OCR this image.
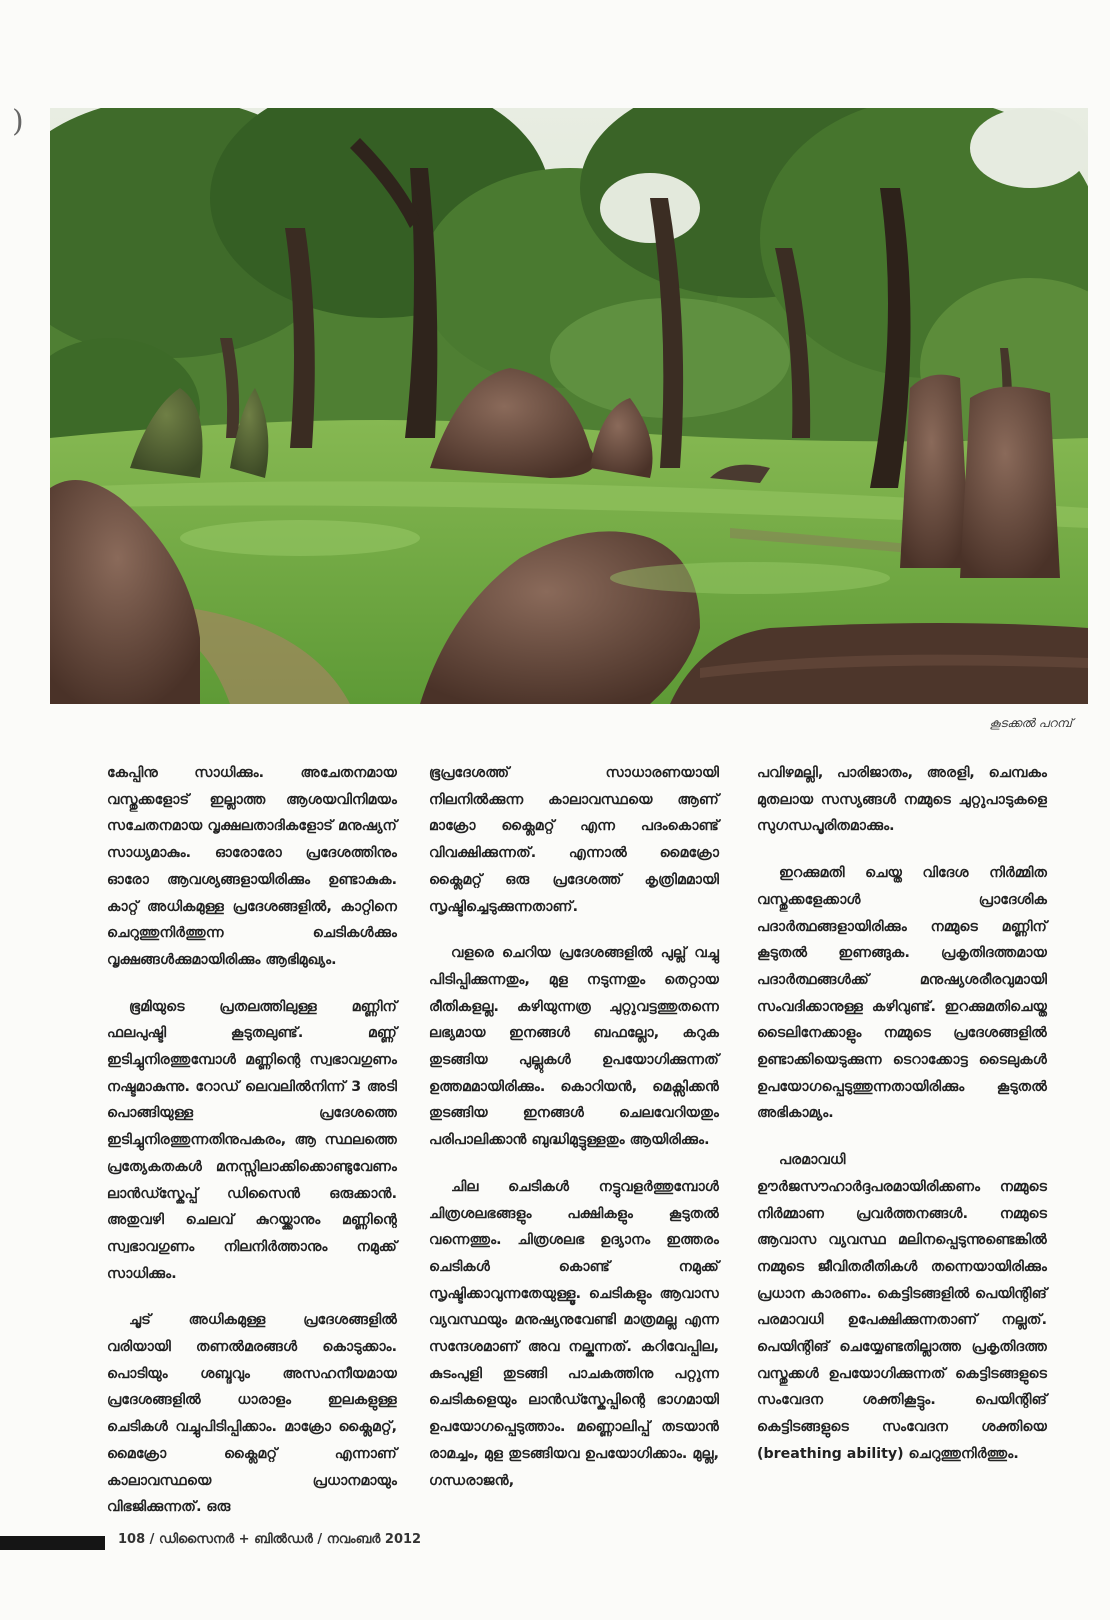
)
കൂടക്കൽ പറമ്പ്

കേപ്പിനു സാധിക്കും. അചേതനമായ വസ്തുക്കളോട് ഇല്ലാത്ത ആശയവിനിമയം സചേതനമായ വൃക്ഷലതാദികളോട് മനുഷ്യന് സാധ്യമാകും. ഓരോരോ പ്രദേശത്തിനും ഓരോ ആവശ്യങ്ങളായിരിക്കും ഉണ്ടാകുക. കാറ്റ് അധികമുള്ള പ്രദേശങ്ങളിൽ, കാറ്റിനെ ചെറുത്തുനിർത്തുന്ന ചെടികൾക്കും വൃക്ഷങ്ങൾക്കുമായിരിക്കും ആഭിമുഖ്യം.

ഭൂമിയുടെ പ്രതലത്തിലുള്ള മണ്ണിന് ഫലപുഷ്ടി കൂടുതലുണ്ട്. മണ്ണ് ഇടിച്ചുനിരത്തുമ്പോൾ മണ്ണിന്റെ സ്വഭാവഗുണം നഷ്ടമാകുന്നു. റോഡ് ലെവലിൽനിന്ന് 3 അടി പൊങ്ങിയുള്ള പ്രദേശത്തെ ഇടിച്ചുനിരത്തുന്നതിനുപകരം, ആ സ്ഥലത്തെ പ്രത്യേകതകൾ മനസ്സിലാക്കിക്കൊണ്ടുവേണം ലാൻഡ്സ്കേപ്പ് ഡിസൈൻ ഒരുക്കാൻ. അതുവഴി ചെലവ് കുറയ്ക്കാനും മണ്ണിന്റെ സ്വഭാവഗുണം നിലനിർത്താനും നമുക്ക് സാധിക്കും.

ചൂട് അധികമുള്ള പ്രദേശങ്ങളിൽ വരിയായി തണൽമരങ്ങൾ കൊടുക്കാം. പൊടിയും ശബ്ദവും അസഹനീയമായ പ്രദേശങ്ങളിൽ ധാരാളം ഇലകളുള്ള ചെടികൾ വച്ചുപിടിപ്പിക്കാം. മാക്രോ ക്ലൈമറ്റ്, മൈക്രോ ക്ലൈമറ്റ് എന്നാണ് കാലാവസ്ഥയെ പ്രധാനമായും വിഭജിക്കുന്നത്. ഒരു

ഭൂപ്രദേശത്ത് സാധാരണയായി നിലനിൽക്കുന്ന കാലാവസ്ഥയെ ആണ് മാക്രോ ക്ലൈമറ്റ് എന്ന പദംകൊണ്ട് വിവക്ഷിക്കുന്നത്. എന്നാൽ മൈക്രോ ക്ലൈമറ്റ് ഒരു പ്രദേശത്ത് കൃത്രിമമായി സൃഷ്ടിച്ചെടുക്കുന്നതാണ്.

വളരെ ചെറിയ പ്രദേശങ്ങളിൽ പുല്ല് വച്ചു പിടിപ്പിക്കുന്നതും, മുള നടുന്നതും തെറ്റായ രീതികളല്ല. കഴിയുന്നത്ര ചുറ്റുവട്ടത്തുതന്നെ ലഭ്യമായ ഇനങ്ങൾ ബഫല്ലോ, കറുക തുടങ്ങിയ പുല്ലുകൾ ഉപയോഗിക്കുന്നത് ഉത്തമമായിരിക്കും. കൊറിയൻ, മെക്സിക്കൻ തുടങ്ങിയ ഇനങ്ങൾ ചെലവേറിയതും പരിപാലിക്കാൻ ബുദ്ധിമുട്ടുള്ളതും ആയിരിക്കും.

ചില ചെടികൾ നട്ടുവളർത്തുമ്പോൾ ചിത്രശലഭങ്ങളും പക്ഷികളും കൂടുതൽ വന്നെത്തും. ചിത്രശലഭ ഉദ്യാനം ഇത്തരം ചെടികൾ കൊണ്ട് നമുക്ക് സൃഷ്ടിക്കാവുന്നതേയുള്ളൂ. ചെടികളും ആവാസ വ്യവസ്ഥയും മനുഷ്യനുവേണ്ടി മാത്രമല്ല എന്ന സന്ദേശമാണ് അവ നല്കുന്നത്. കറിവേപ്പില, കുടംപുളി തുടങ്ങി പാചകത്തിനു പറ്റുന്ന ചെടികളെയും ലാൻഡ്സ്കേപ്പിന്റെ ഭാഗമായി ഉപയോഗപ്പെടുത്താം. മണ്ണൊലിപ്പ് തടയാൻ രാമച്ചം, മുള തുടങ്ങിയവ ഉപയോഗിക്കാം. മുല്ല, ഗന്ധരാജൻ,

പവിഴമല്ലി, പാരിജാതം, അരളി, ചെമ്പകം മുതലായ സസ്യങ്ങൾ നമ്മുടെ ചുറ്റുപാടുകളെ സുഗന്ധപൂരിതമാക്കും.

ഇറക്കുമതി ചെയ്ത വിദേശ നിർമ്മിത വസ്തുക്കളേക്കാൾ പ്രാദേശിക പദാർത്ഥങ്ങളായിരിക്കും നമ്മുടെ മണ്ണിന് കൂടുതൽ ഇണങ്ങുക. പ്രകൃതിദത്തമായ പദാർത്ഥങ്ങൾക്ക് മനുഷ്യശരീരവുമായി സംവദിക്കാനുള്ള കഴിവുണ്ട്. ഇറക്കുമതിചെയ്ത ടൈലിനേക്കാളും നമ്മുടെ പ്രദേശങ്ങളിൽ ഉണ്ടാക്കിയെടുക്കുന്ന ടെറാക്കോട്ട ടൈലുകൾ ഉപയോഗപ്പെടുത്തുന്നതായിരിക്കും കൂടുതൽ അഭികാമ്യം.

പരമാവധി ഊർജസൗഹാർദ്ദപരമായിരിക്കണം നമ്മുടെ നിർമ്മാണ പ്രവർത്തനങ്ങൾ. നമ്മുടെ ആവാസ വ്യവസ്ഥ മലിനപ്പെടുന്നുണ്ടെങ്കിൽ നമ്മുടെ ജീവിതരീതികൾ തന്നെയായിരിക്കും പ്രധാന കാരണം. കെട്ടിടങ്ങളിൽ പെയിന്റിങ് പരമാവധി ഉപേക്ഷിക്കുന്നതാണ് നല്ലത്. പെയിന്റിങ് ചെയ്യേണ്ടതില്ലാത്ത പ്രകൃതിദത്ത വസ്തുക്കൾ ഉപയോഗിക്കുന്നത് കെട്ടിടങ്ങളുടെ സംവേദന ശക്തികൂട്ടും. പെയിന്റിങ് കെട്ടിടങ്ങളുടെ സംവേദന ശക്തിയെ (breathing ability) ചെറുത്തുനിർത്തും.

108 / ഡിസൈനർ + ബിൽഡർ / നവംബർ 2012
